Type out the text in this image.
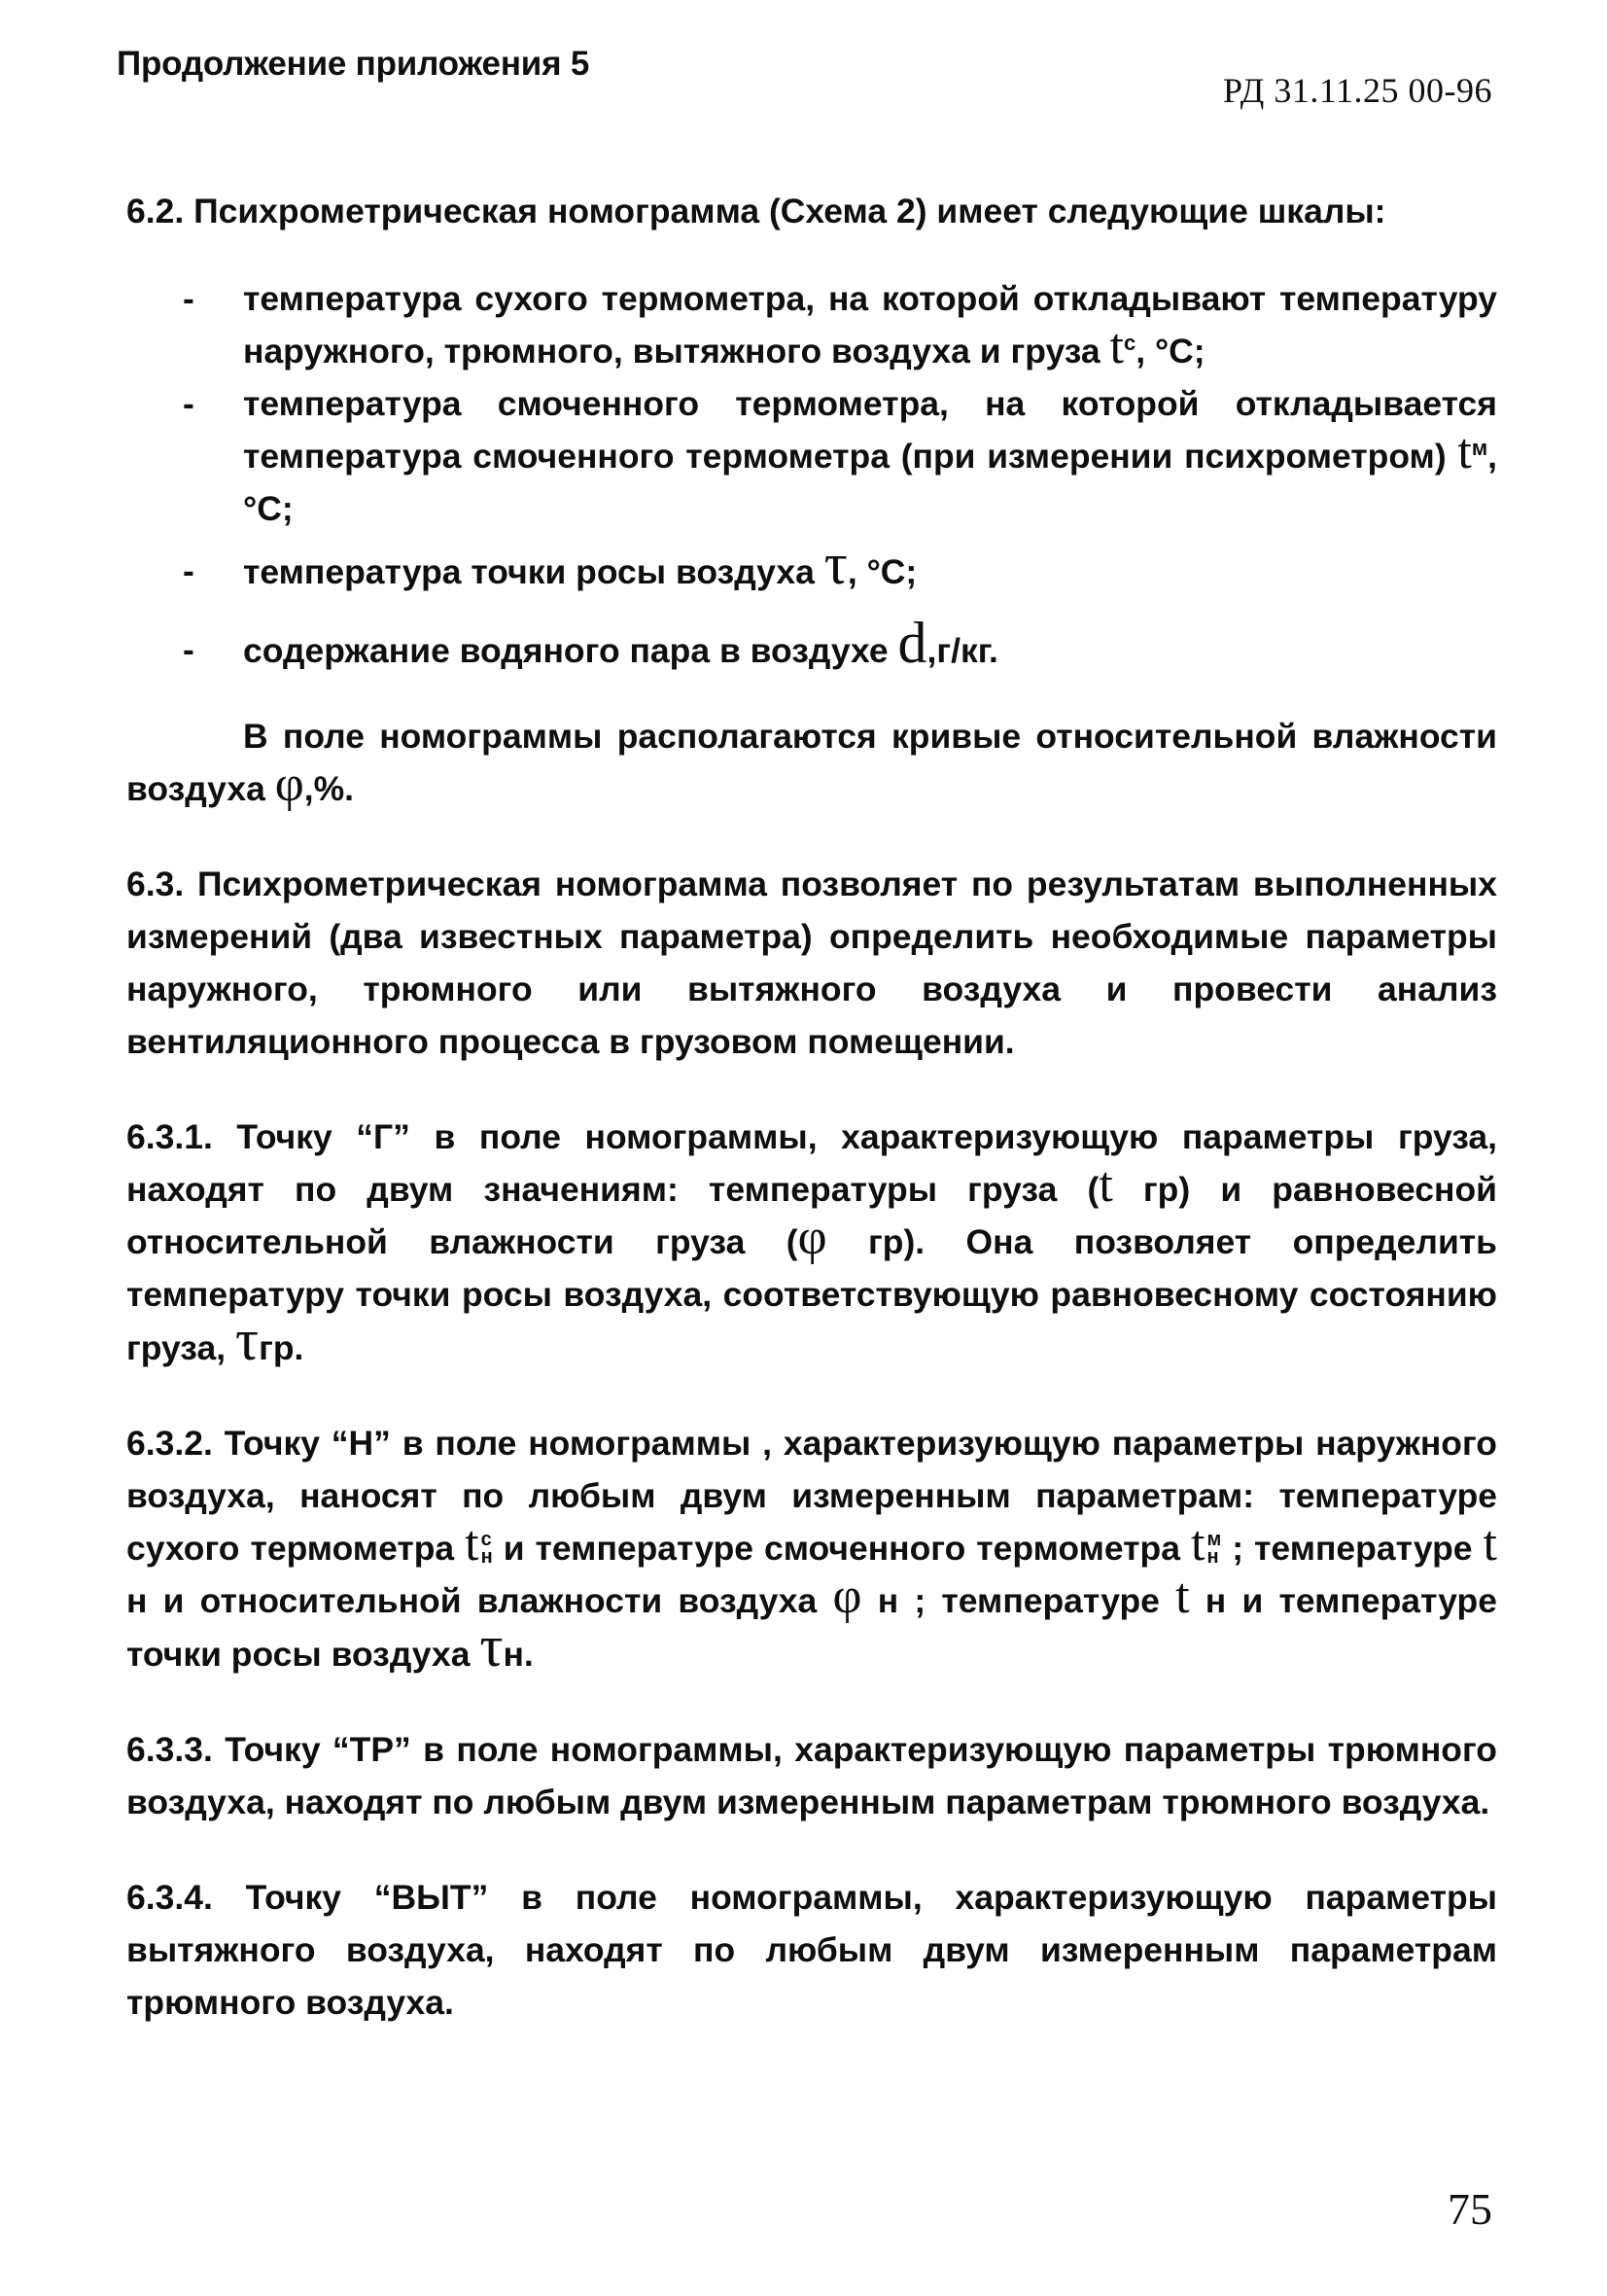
Продолжение приложения 5
РД 31.11.25 00-96

6.2. Психрометрическая номограмма (Схема 2) имеет следующие шкалы:

- температура сухого термометра, на которой откладывают температуру наружного, трюмного, вытяжного воздуха и груза $t^с$, °С;
- температура смоченного термометра, на которой откладывается температура смоченного термометра (при измерении психрометром) $t^м$, °С;
- температура точки росы воздуха τ, °С;
- содержание водяного пара в воздухе d,г/кг.

В поле номограммы располагаются кривые относительной влажности воздуха φ,%.

6.3. Психрометрическая номограмма позволяет по результатам выполненных измерений (два известных параметра) определить необходимые параметры наружного, трюмного или вытяжного воздуха и провести анализ вентиляционного процесса в грузовом помещении.

6.3.1. Точку “Г” в поле номограммы, характеризующую параметры груза, находят по двум значениям: температуры груза (t гр) и равновесной относительной влажности груза (φ гр). Она позволяет определить температуру точки росы воздуха, соответствующую равновесному состоянию груза, τгр.

6.3.2. Точку “Н” в поле номограммы , характеризующую параметры наружного воздуха, наносят по любым двум измеренным параметрам: температуре сухого термометра t с
н и температуре смоченного термометра t м
н ; температуре t н и относительной влажности воздуха φ н ; температуре t н и температуре точки росы воздуха τн.

6.3.3. Точку “ТР” в поле номограммы, характеризующую параметры трюмного воздуха, находят по любым двум измеренным параметрам трюмного воздуха.

6.3.4. Точку “ВЫТ” в поле номограммы, характеризующую параметры вытяжного воздуха, находят по любым двум измеренным параметрам трюмного воздуха.

75
